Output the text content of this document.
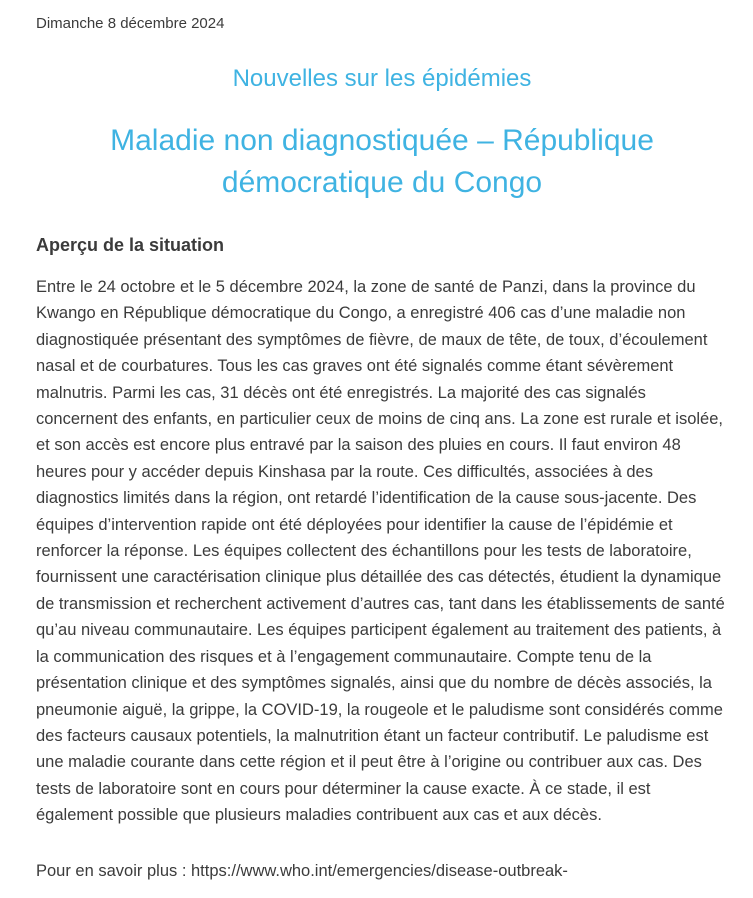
Dimanche 8 décembre 2024
Nouvelles sur les épidémies
Maladie non diagnostiquée – République démocratique du Congo
Aperçu de la situation

Entre le 24 octobre et le 5 décembre 2024, la zone de santé de Panzi, dans la province du Kwango en République démocratique du Congo, a enregistré 406 cas d’une maladie non diagnostiquée présentant des symptômes de fièvre, de maux de tête, de toux, d’écoulement nasal et de courbatures. Tous les cas graves ont été signalés comme étant sévèrement malnutris. Parmi les cas, 31 décès ont été enregistrés. La majorité des cas signalés concernent des enfants, en particulier ceux de moins de cinq ans. La zone est rurale et isolée, et son accès est encore plus entravé par la saison des pluies en cours. Il faut environ 48 heures pour y accéder depuis Kinshasa par la route. Ces difficultés, associées à des diagnostics limités dans la région, ont retardé l’identification de la cause sous-jacente. Des équipes d’intervention rapide ont été déployées pour identifier la cause de l’épidémie et renforcer la réponse. Les équipes collectent des échantillons pour les tests de laboratoire, fournissent une caractérisation clinique plus détaillée des cas détectés, étudient la dynamique de transmission et recherchent activement d’autres cas, tant dans les établissements de santé qu’au niveau communautaire. Les équipes participent également au traitement des patients, à la communication des risques et à l’engagement communautaire. Compte tenu de la présentation clinique et des symptômes signalés, ainsi que du nombre de décès associés, la pneumonie aiguë, la grippe, la COVID-19, la rougeole et le paludisme sont considérés comme des facteurs causaux potentiels, la malnutrition étant un facteur contributif. Le paludisme est une maladie courante dans cette région et il peut être à l’origine ou contribuer aux cas. Des tests de laboratoire sont en cours pour déterminer la cause exacte. À ce stade, il est également possible que plusieurs maladies contribuent aux cas et aux décès.

Pour en savoir plus : https://www.who.int/emergencies/disease-outbreak-
